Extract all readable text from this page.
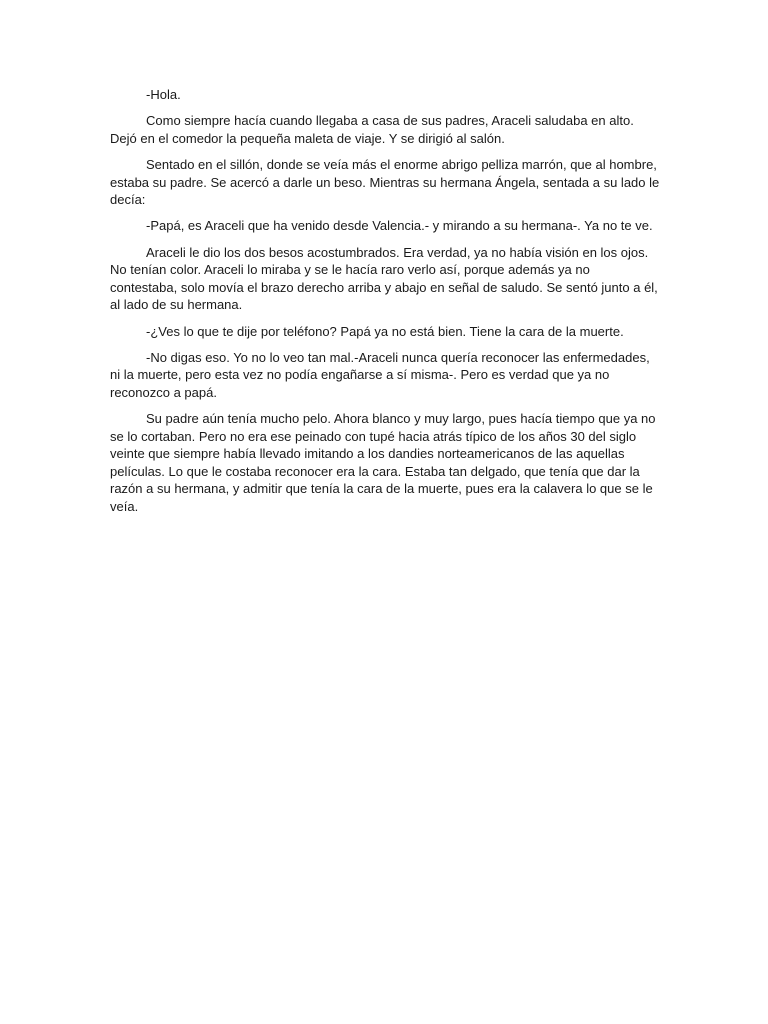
-Hola.

Como siempre hacía cuando llegaba a casa de sus padres, Araceli saludaba en alto. Dejó en el comedor la pequeña maleta de viaje. Y se dirigió al salón.

Sentado en el sillón, donde se veía más el enorme abrigo pelliza marrón, que al hombre, estaba su padre. Se acercó a darle un beso. Mientras su hermana Ángela, sentada a su lado le decía:

-Papá, es Araceli que ha venido desde Valencia.- y mirando a su hermana-. Ya no te ve.

Araceli le dio los dos besos acostumbrados. Era verdad, ya no había visión en los ojos. No tenían color. Araceli lo miraba y se le hacía raro verlo así, porque además ya no contestaba, solo movía el brazo derecho arriba y abajo en señal de saludo. Se sentó junto a él, al lado de su hermana.

-¿Ves lo que te dije por teléfono? Papá ya no está bien. Tiene la cara de la muerte.

-No digas eso. Yo no lo veo tan mal.-Araceli nunca quería reconocer las enfermedades, ni la muerte, pero esta vez no podía engañarse a sí misma-. Pero es verdad que ya no reconozco a papá.

Su padre aún tenía mucho pelo. Ahora blanco y muy largo, pues hacía tiempo que ya no se lo cortaban. Pero no era ese peinado con tupé hacia atrás típico de los años 30 del siglo veinte que siempre había llevado imitando a los dandies norteamericanos de las aquellas películas. Lo que le costaba reconocer era la cara. Estaba tan delgado, que tenía que dar la razón a su hermana, y admitir que tenía la cara de la muerte, pues era la calavera lo que se le veía.
